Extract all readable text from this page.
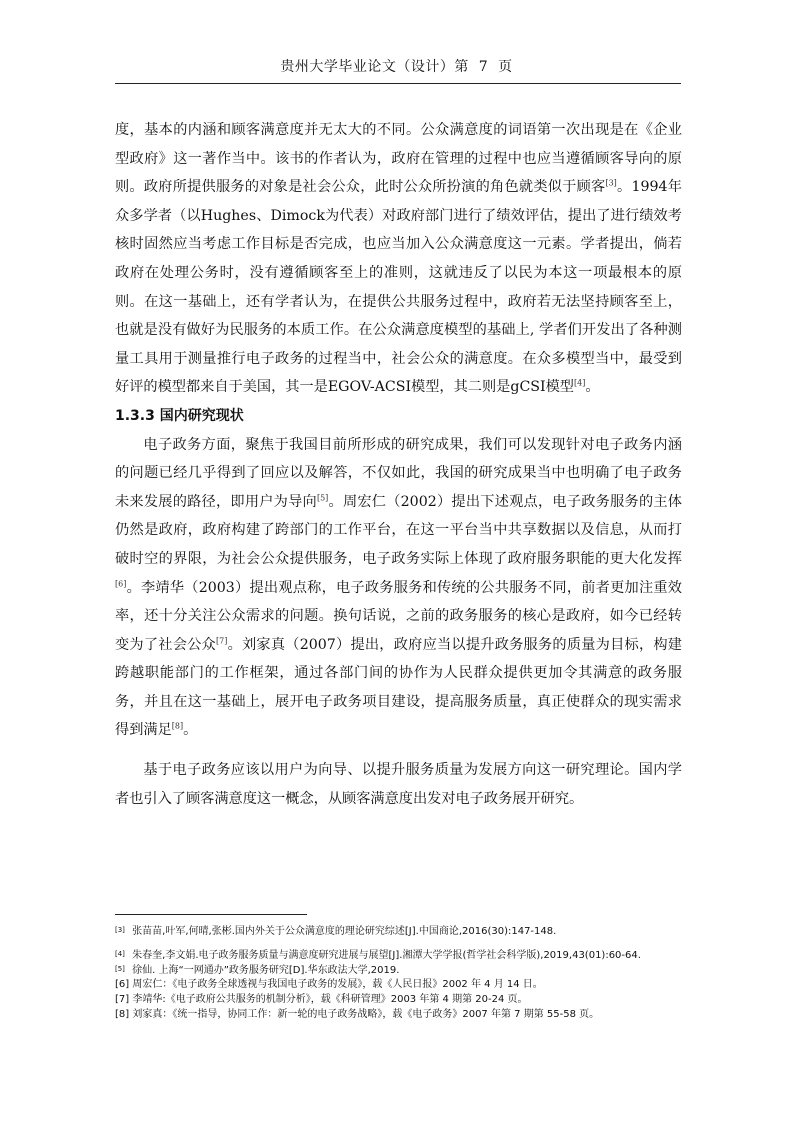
贵州大学毕业论文（设计）第  7  页

度，基本的内涵和顾客满意度并无太大的不同。公众满意度的词语第一次出现是在《企业型政府》这一著作当中。该书的作者认为，政府在管理的过程中也应当遵循顾客导向的原则。政府所提供服务的对象是社会公众，此时公众所扮演的角色就类似于顾客[3]。1994年众多学者（以Hughes、Dimock为代表）对政府部门进行了绩效评估，提出了进行绩效考核时固然应当考虑工作目标是否完成，也应当加入公众满意度这一元素。学者提出，倘若政府在处理公务时，没有遵循顾客至上的准则，这就违反了以民为本这一项最根本的原则。在这一基础上，还有学者认为，在提供公共服务过程中，政府若无法坚持顾客至上，也就是没有做好为民服务的本质工作。在公众满意度模型的基础上, 学者们开发出了各种测量工具用于测量推行电子政务的过程当中，社会公众的满意度。在众多模型当中，最受到好评的模型都来自于美国，其一是EGOV-ACSI模型，其二则是gCSI模型[4]。

1.3.3 国内研究现状

电子政务方面，聚焦于我国目前所形成的研究成果，我们可以发现针对电子政务内涵的问题已经几乎得到了回应以及解答，不仅如此，我国的研究成果当中也明确了电子政务未来发展的路径，即用户为导向[5]。周宏仁（2002）提出下述观点，电子政务服务的主体仍然是政府，政府构建了跨部门的工作平台，在这一平台当中共享数据以及信息，从而打破时空的界限，为社会公众提供服务，电子政务实际上体现了政府服务职能的更大化发挥[6]。李靖华（2003）提出观点称，电子政务服务和传统的公共服务不同，前者更加注重效率，还十分关注公众需求的问题。换句话说，之前的政务服务的核心是政府，如今已经转变为了社会公众[7]。刘家真（2007）提出，政府应当以提升政务服务的质量为目标，构建跨越职能部门的工作框架，通过各部门间的协作为人民群众提供更加令其满意的政务服务，并且在这一基础上，展开电子政务项目建设，提高服务质量，真正使群众的现实需求得到满足[8]。

基于电子政务应该以用户为向导、以提升服务质量为发展方向这一研究理论。国内学者也引入了顾客满意度这一概念，从顾客满意度出发对电子政务展开研究。

[3] 张苗苗,叶军,何晴,张彬.国内外关于公众满意度的理论研究综述[J].中国商论,2016(30):147-148.

[4] 朱春奎,李文娟.电子政务服务质量与满意度研究进展与展望[J].湘潭大学学报(哲学社会科学版),2019,43(01):60-64.

[5] 徐仙. 上海“一网通办”政务服务研究[D].华东政法大学,2019.

[6] 周宏仁：《电子政务全球透视与我国电子政务的发展》，载《人民日报》2002 年 4 月 14 日。

[7] 李靖华:《电子政府公共服务的机制分析》，载《科研管理》2003 年第 4 期第 20-24 页。

[8] 刘家真：《统一指导，协同工作：新一轮的电子政务战略》，载《电子政务》2007 年第 7 期第 55-58 页。
